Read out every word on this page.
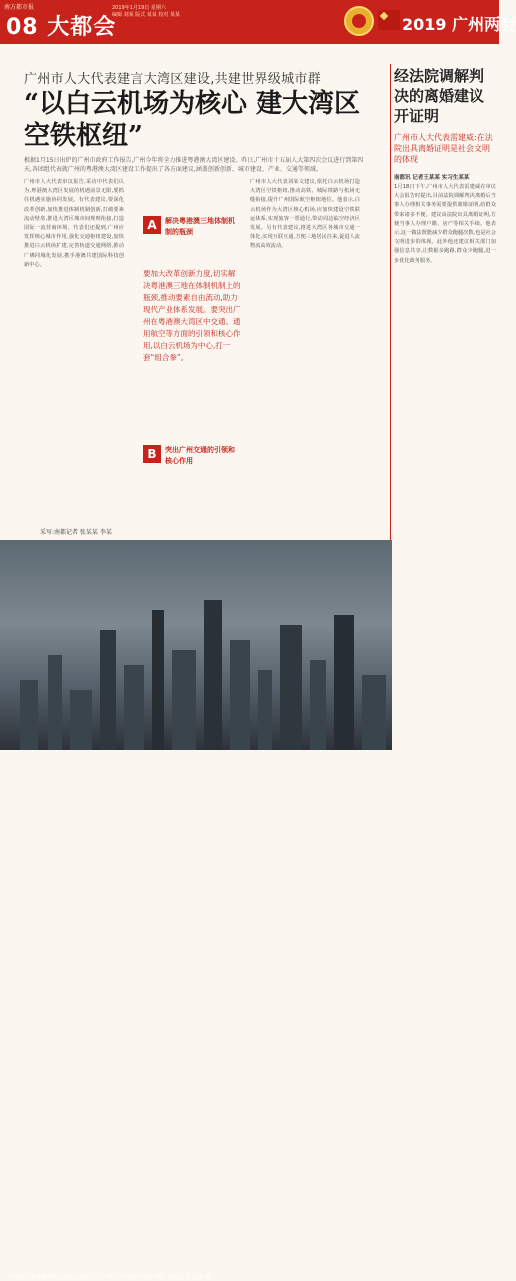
南方都市报
08 大都会
2019年1月19日 星期六
编辑 刘某 版式 某某 校对 某某	2019 广州两会
广州市人大代表建言大湾区建设,共建世界级城市群
“以白云机场为核心 建大湾区空铁枢纽”
根据1月15日出炉的广州市政府工作报告,广州今年将全力推进粤港澳大湾区建设。昨日,广州市十五届人大第四次会议进行到第四天,各团组代表就广州的粤港澳大湾区建设工作提出了各方面建议,涵盖创新创新、城市建设、产业、交通等领域。
广州市人大代表审议报告,采访中代表们认为,粤港澳大湾区发展的机遇前景无限,要抓住机遇实施协同发展。有代表建议,要深化改革创新,加快推进体制机制创新,打破要素流动壁垒,推进大湾区城市间规则衔接,打造国际一流营商环境。代表们还提到,广州应发挥核心城市作用,强化交通枢纽建设,加快推进白云机场扩建,完善轨道交通网络,推动广佛同城化发展,携手港澳共建国际科技创新中心。
A	解决粤港澳三地体制机制的瓶颈
要加大改革创新力度,切实解决粤港澳三地在体制机制上的瓶颈,推动要素自由流动,助力现代产业体系发展。要突出广州在粤港澳大湾区中交通、通用航空等方面的引领和核心作用,以白云机场为中心,打一套“组合拳”。
B	突出广州交通的引领和核心作用
广州市人大代表刘某文建议,依托白云机场打造大湾区空铁枢纽,推动高铁、城际铁路与机场无缝衔接,提升广州国际航空枢纽地位。他表示,白云机场作为大湾区核心机场,应加快建设空铁联运体系,实现旅客一票通行,带动周边临空经济区发展。另有代表建议,推进大湾区各城市交通一体化,实现互联互通,方便三地居民往来,促进人流物流高效流动。
采写:南都记者 张某某 李某
广州市是粤港澳大湾区的核心城市之一。图为广州珠江新城一带。南都记者 某某 摄
经法院调解判决的离婚建议开证明
广州市人大代表雷建威:在法院出具离婚证明是社会文明的体现
南都讯 记者王某某 实习生某某
1月18日下午,广州市人大代表雷建威在审议大会报告时提出,目前法院调解判决离婚后当事人办理相关事务需要提供离婚证明,给群众带来诸多不便。建议由法院出具离婚证明,方便当事人办理户籍、房产等相关手续。他表示,这一做法既能减少群众跑腿次数,也是社会文明进步的体现。此外他还建议相关部门加强信息共享,让数据多跑路,群众少跑腿,进一步优化政务服务。
